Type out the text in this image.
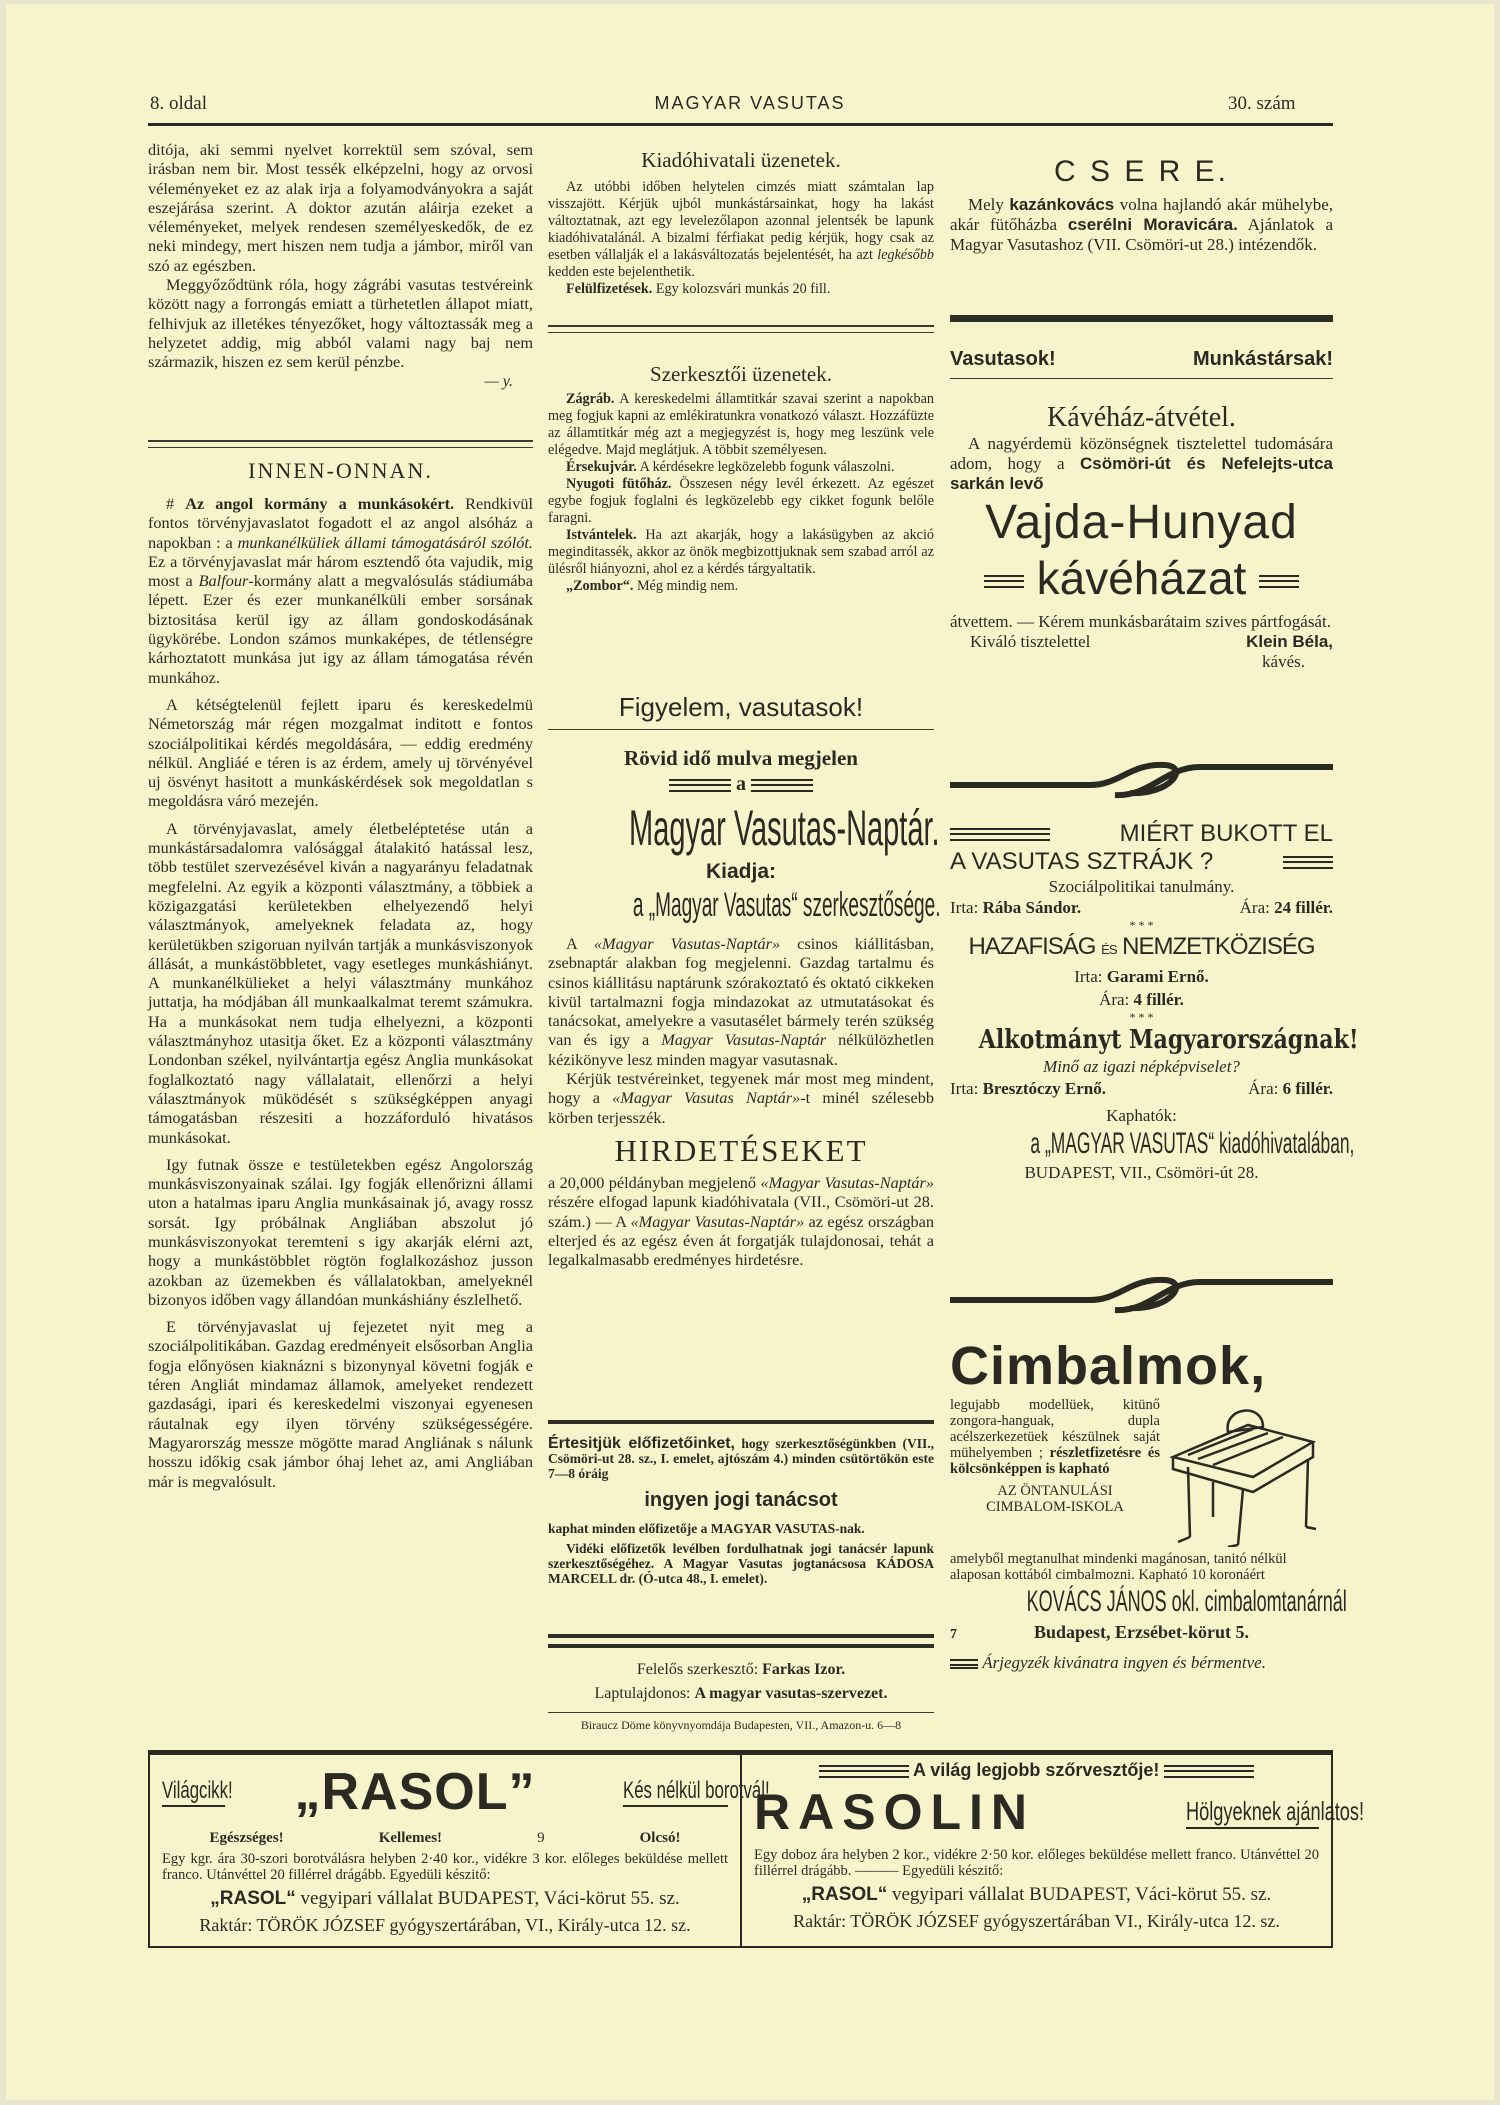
8. oldal	MAGYAR VASUTAS	30. szám

ditója, aki semmi nyelvet korrektül sem szóval, sem irásban nem bir. Most tessék elképzelni, hogy az orvosi véleményeket ez az alak irja a folyamodványokra a saját eszejárása szerint. A doktor azután aláirja ezeket a véleményeket, melyek rendesen személyeskedők, de ez neki mindegy, mert hiszen nem tudja a jámbor, miről van szó az egészben.

Meggyőződtünk róla, hogy zágrábi vasutas testvéreink között nagy a forrongás emiatt a türhetetlen állapot miatt, felhivjuk az illetékes tényezőket, hogy változtassák meg a helyzetet addig, mig abból valami nagy baj nem származik, hiszen ez sem kerül pénzbe.

— y.
INNEN-ONNAN.

# Az angol kormány a munkásokért. Rendkivül fontos törvényjavaslatot fogadott el az angol alsóház a napokban : a munkanélküliek állami támogatásáról szólót. Ez a törvényjavaslat már három esztendő óta vajudik, mig most a Balfour-kormány alatt a megvalósulás stádiumába lépett. Ezer és ezer munkanélküli ember sorsának biztositása kerül igy az állam gondoskodásának ügykörébe. London számos munkaképes, de tétlenségre kárhoztatott munkása jut igy az állam támogatása révén munkához.

A kétségtelenül fejlett iparu és kereskedelmü Németország már régen mozgalmat inditott e fontos szociálpolitikai kérdés megoldására, — eddig eredmény nélkül. Angliáé e téren is az érdem, amely uj törvényével uj ösvényt hasitott a munkáskérdések sok megoldatlan s megoldásra váró mezején.

A törvényjavaslat, amely életbeléptetése után a munkástársadalomra valósággal átalakitó hatással lesz, több testület szervezésével kiván a nagyarányu feladatnak megfelelni. Az egyik a központi választmány, a többiek a közigazgatási kerületekben elhelyezendő helyi választmányok, amelyeknek feladata az, hogy kerületükben szigoruan nyilván tartják a munkásviszonyok állását, a munkástöbbletet, vagy esetleges munkáshiányt. A munkanélkülieket a helyi választmány munkához juttatja, ha módjában áll munkaalkalmat teremt számukra. Ha a munkásokat nem tudja elhelyezni, a központi választmányhoz utasitja őket. Ez a központi választmány Londonban székel, nyilvántartja egész Anglia munkásokat foglalkoztató nagy vállalatait, ellenőrzi a helyi választmányok müködését s szükségképpen anyagi támogatásban részesiti a hozzáforduló hivatásos munkásokat.

Igy futnak össze e testületekben egész Angolország munkásviszonyainak szálai. Igy fogják ellenőrizni állami uton a hatalmas iparu Anglia munkásainak jó, avagy rossz sorsát. Igy próbálnak Angliában abszolut jó munkásviszonyokat teremteni s igy akarják elérni azt, hogy a munkástöbblet rögtön foglalkozáshoz jusson azokban az üzemekben és vállalatokban, amelyeknél bizonyos időben vagy állandóan munkáshiány észlelhető.

E törvényjavaslat uj fejezetet nyit meg a szociálpolitikában. Gazdag eredményeit elsősorban Anglia fogja előnyösen kiaknázni s bizonynyal követni fogják e téren Angliát mindamaz államok, amelyeket rendezett gazdasági, ipari és kereskedelmi viszonyai egyenesen ráutalnak egy ilyen törvény szükségességére. Magyarország messze mögötte marad Angliának s nálunk hosszu időkig csak jámbor óhaj lehet az, ami Angliában már is megvalósult.

Kiadóhivatali üzenetek.

Az utóbbi időben helytelen cimzés miatt számtalan lap visszajött. Kérjük ujból munkástársainkat, hogy ha lakást változtatnak, azt egy levelezőlapon azonnal jelentsék be lapunk kiadóhivatalánál. A bizalmi férfiakat pedig kérjük, hogy csak az esetben vállalják el a lakásváltozatás bejelentését, ha azt legkésőbb kedden este bejelenthetik.

Felülfizetések. Egy kolozsvári munkás 20 fill.

Szerkesztői üzenetek.

Zágráb. A kereskedelmi államtitkár szavai szerint a napokban meg fogjuk kapni az emlékiratunkra vonatkozó választ. Hozzáfüzte az államtitkár még azt a megjegyzést is, hogy meg leszünk vele elégedve. Majd meglátjuk. A többit személyesen.

Érsekujvár. A kérdésekre legközelebb fogunk válaszolni.

Nyugoti fütőház. Összesen négy levél érkezett. Az egészet egybe fogjuk foglalni és legközelebb egy cikket fogunk belőle faragni.

Istvántelek. Ha azt akarják, hogy a lakásügyben az akció meginditassék, akkor az önök megbizottjuknak sem szabad arról az ülésről hiányozni, ahol ez a kérdés tárgyaltatik.

„Zombor“. Még mindig nem.

Figyelem, vasutasok!
Rövid idő mulva megjelen
a
Magyar Vasutas-Naptár.
Kiadja:
a „Magyar Vasutas“ szerkesztősége.

A «Magyar Vasutas-Naptár» csinos kiállitásban, zsebnaptár alakban fog megjelenni. Gazdag tartalmu és csinos kiállitásu naptárunk szórakoztató és oktató cikkeken kivül tartalmazni fogja mindazokat az utmutatásokat és tanácsokat, amelyekre a vasutasélet bármely terén szükség van és igy a Magyar Vasutas-Naptár nélkülözhetlen kézikönyve lesz minden magyar vasutasnak.

Kérjük testvéreinket, tegyenek már most meg mindent, hogy a «Magyar Vasutas Naptár»-t minél szélesebb körben terjesszék.

HIRDETÉSEKET

a 20,000 példányban megjelenő «Magyar Vasutas-Naptár» részére elfogad lapunk kiadóhivatala (VII., Csömöri-ut 28. szám.) — A «Magyar Vasutas-Naptár» az egész országban elterjed és az egész éven át forgatják tulajdonosai, tehát a legalkalmasabb eredményes hirdetésre.

Értesitjük előfizetőinket, hogy szerkesztőségünkben (VII., Csömöri-ut 28. sz., I. emelet, ajtószám 4.) minden csütörtökön este 7—8 óráig

ingyen jogi tanácsot

kaphat minden előfizetője a MAGYAR VASUTAS-nak.

Vidéki előfizetők levélben fordulhatnak jogi tanácsér lapunk szerkesztőségéhez. A Magyar Vasutas jogtanácsosa KÁDOSA MARCELL dr. (Ó-utca 48., I. emelet).

Felelős szerkesztő: Farkas Izor.
Laptulajdonos: A magyar vasutas-szervezet.
Biraucz Döme könyvnyomdája Budapesten, VII., Amazon-u. 6—8
C S E R E.

Mely kazánkovács volna hajlandó akár mühelybe, akár fütőházba cserélni Moravicára. Ajánlatok a Magyar Vasutashoz (VII. Csömöri-ut 28.) intézendők.

Vasutasok!	Munkástársak!
Kávéház-átvétel.

A nagyérdemü közönségnek tisztelettel tudomására adom, hogy a Csömöri-út és Nefelejts-utca sarkán levő

Vajda-Hunyad
kávéházat

átvettem. — Kérem munkásbarátaim szives pártfogását.

Kiváló tisztelettel	Klein Béla,
kávés.
MIÉRT BUKOTT EL
A VASUTAS SZTRÁJK ?
Szociálpolitikai tanulmány.
Irta: Rába Sándor.	Ára: 24 fillér.
* * *
HAZAFISÁG ÉS NEMZETKÖZISÉG
Irta: Garami Ernő.
Ára: 4 fillér.
* * *
Alkotmányt Magyarországnak!
Minő az igazi népképviselet?
Irta: Bresztóczy Ernő.	Ára: 6 fillér.
Kaphatók:
a „MAGYAR VASUTAS“ kiadóhivatalában,
BUDAPEST, VII., Csömöri-út 28.
Cimbalmok,
legujabb modellüek, kitünő zongora-hanguak, dupla acélszerkezetüek készülnek saját mühelyemben ; részletfizetésre és kölcsönképpen is kapható
AZ ÖNTANULÁSI
CIMBALOM-ISKOLA

amelyből megtanulhat mindenki magánosan, tanitó nélkül alaposan kottából cimbalmozni. Kapható 10 koronáért

KOVÁCS JÁNOS okl. cimbalomtanárnál
7	Budapest, Erzsébet-körut 5.
Árjegyzék kivánatra ingyen és bérmentve.
Világcikk! „RASOL”	Kés nélkül borotvál!
Egészséges!	Kellemes!	9	Olcsó!
Egy kgr. ára 30-szori borotválásra helyben 2·40 kor., vidékre 3 kor. előleges beküldése mellett franco. Utánvéttel 20 fillérrel drágább. Egyedüli készitő:
„RASOL“ vegyipari vállalat BUDAPEST, Váci-körut 55. sz.
Raktár: TÖRÖK JÓZSEF gyógyszertárában, VI., Király-utca 12. sz.
A világ legjobb szőrvesztője!
RASOLIN	Hölgyeknek ajánlatos!
Egy doboz ára helyben 2 kor., vidékre 2·50 kor. előleges beküldése mellett franco. Utánvéttel 20 fillérrel drágább. ——— Egyedüli készitő:
„RASOL“ vegyipari vállalat BUDAPEST, Váci-körut 55. sz.
Raktár: TÖRÖK JÓZSEF gyógyszertárában VI., Király-utca 12. sz.
